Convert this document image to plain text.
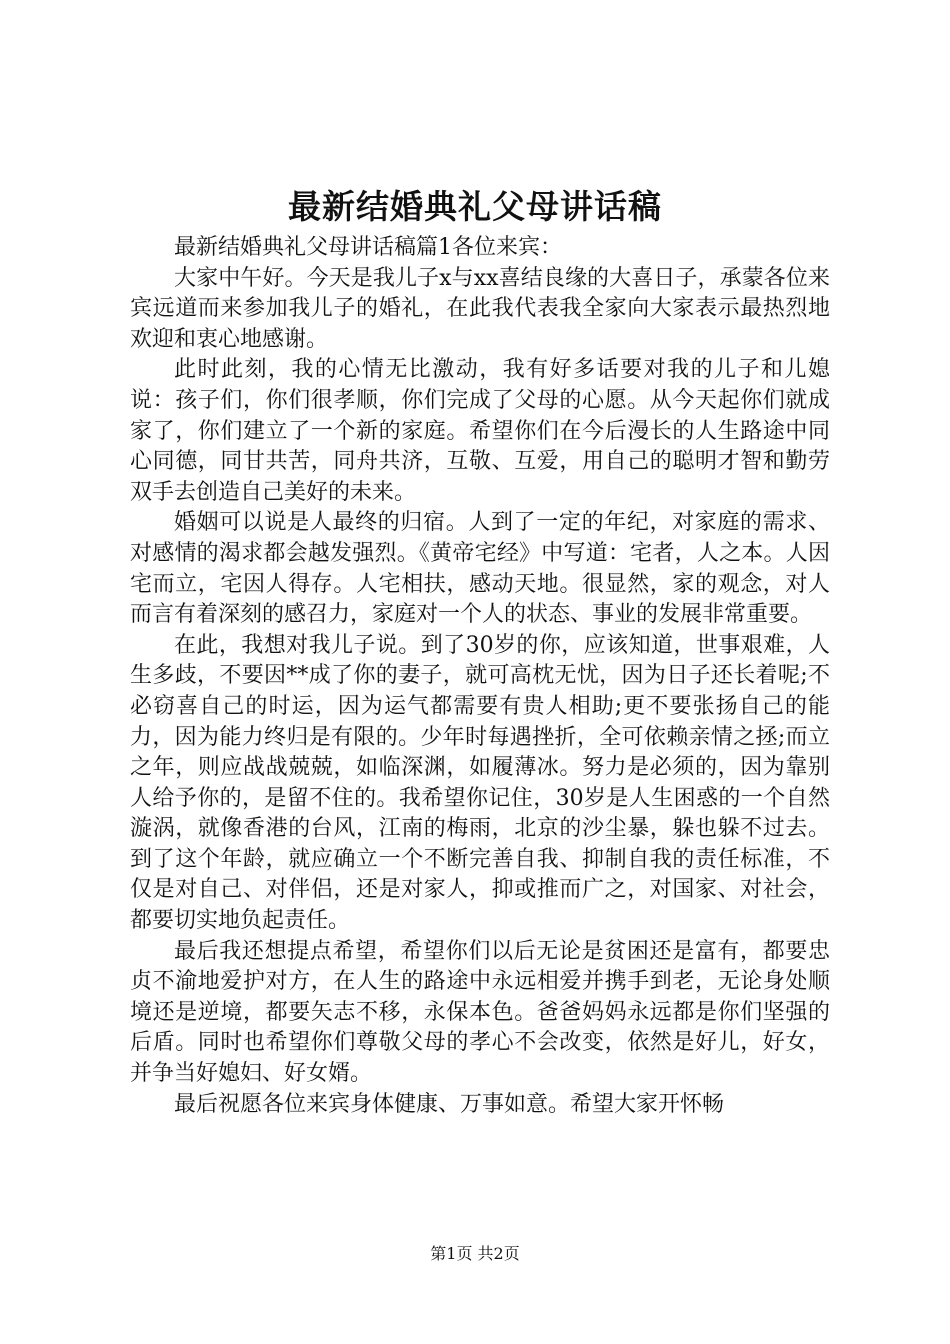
最新结婚典礼父母讲话稿

最新结婚典礼父母讲话稿篇1各位来宾：

大家中午好。今天是我儿子x与xx喜结良缘的大喜日子，承蒙各位来宾远道而来参加我儿子的婚礼，在此我代表我全家向大家表示最热烈地欢迎和衷心地感谢。

此时此刻，我的心情无比激动，我有好多话要对我的儿子和儿媳说：孩子们，你们很孝顺，你们完成了父母的心愿。从今天起你们就成家了，你们建立了一个新的家庭。希望你们在今后漫长的人生路途中同心同德，同甘共苦，同舟共济，互敬、互爱，用自己的聪明才智和勤劳双手去创造自己美好的未来。

婚姻可以说是人最终的归宿。人到了一定的年纪，对家庭的需求、对感情的渴求都会越发强烈。《黄帝宅经》中写道：宅者，人之本。人因宅而立，宅因人得存。人宅相扶，感动天地。很显然，家的观念，对人而言有着深刻的感召力，家庭对一个人的状态、事业的发展非常重要。

在此，我想对我儿子说。到了30岁的你，应该知道，世事艰难，人生多歧，不要因**成了你的妻子，就可高枕无忧，因为日子还长着呢;不必窃喜自己的时运，因为运气都需要有贵人相助;更不要张扬自己的能力，因为能力终归是有限的。少年时每遇挫折，全可依赖亲情之拯;而立之年，则应战战兢兢，如临深渊，如履薄冰。努力是必须的，因为靠别人给予你的，是留不住的。我希望你记住，30岁是人生困惑的一个自然漩涡，就像香港的台风，江南的梅雨，北京的沙尘暴，躲也躲不过去。到了这个年龄，就应确立一个不断完善自我、抑制自我的责任标准，不仅是对自己、对伴侣，还是对家人，抑或推而广之，对国家、对社会，都要切实地负起责任。

最后我还想提点希望，希望你们以后无论是贫困还是富有，都要忠贞不渝地爱护对方，在人生的路途中永远相爱并携手到老，无论身处顺境还是逆境，都要矢志不移，永保本色。爸爸妈妈永远都是你们坚强的后盾。同时也希望你们尊敬父母的孝心不会改变，依然是好儿，好女，并争当好媳妇、好女婿。

最后祝愿各位来宾身体健康、万事如意。希望大家开怀畅

第1页 共2页
